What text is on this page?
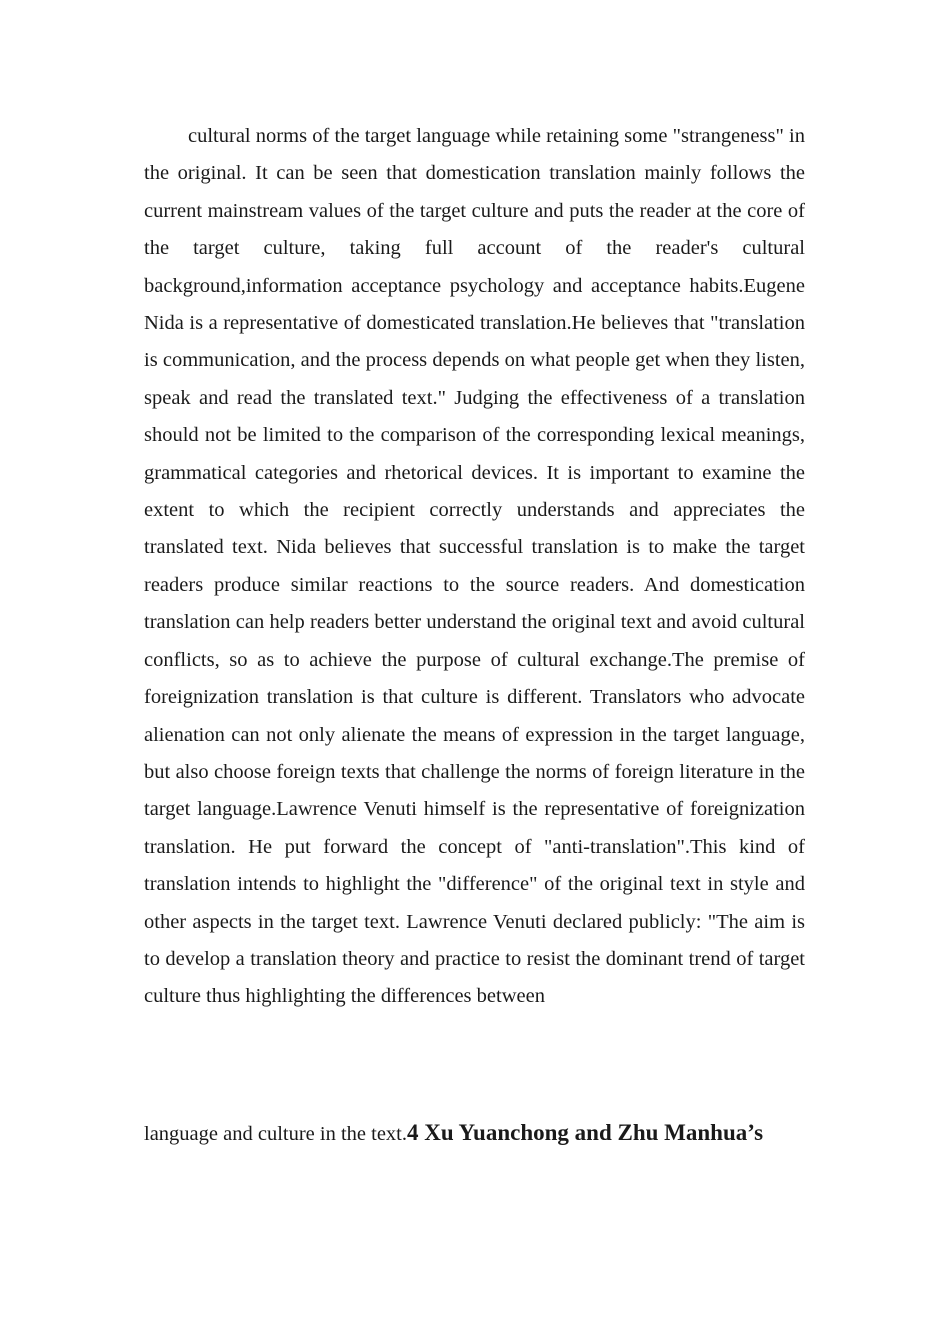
cultural norms of the target language while retaining some "strangeness" in the original. It can be seen that domestication translation mainly follows the current mainstream values of the target culture and puts the reader at the core of the target culture, taking full account of the reader's cultural background,information acceptance psychology and acceptance habits.Eugene Nida is a representative of domesticated translation.He believes that "translation is communication, and the process depends on what people get when they listen, speak and read the translated text." Judging the effectiveness of a translation should not be limited to the comparison of the corresponding lexical meanings, grammatical categories and rhetorical devices. It is important to examine the extent to which the recipient correctly understands and appreciates the translated text. Nida believes that successful translation is to make the target readers produce similar reactions to the source readers. And domestication translation can help readers better understand the original text and avoid cultural conflicts, so as to achieve the purpose of cultural exchange.The premise of foreignization translation is that culture is different. Translators who advocate alienation can not only alienate the means of expression in the target language, but also choose foreign texts that challenge the norms of foreign literature in the target language.Lawrence Venuti himself is the representative of foreignization translation. He put forward the concept of "anti-translation".This kind of translation intends to highlight the "difference" of the original text in style and other aspects in the target text. Lawrence Venuti declared publicly: "The aim is to develop a translation theory and practice to resist the dominant trend of target culture thus highlighting the differences between

language and culture in the text.4 Xu Yuanchong and Zhu Manhua’s
